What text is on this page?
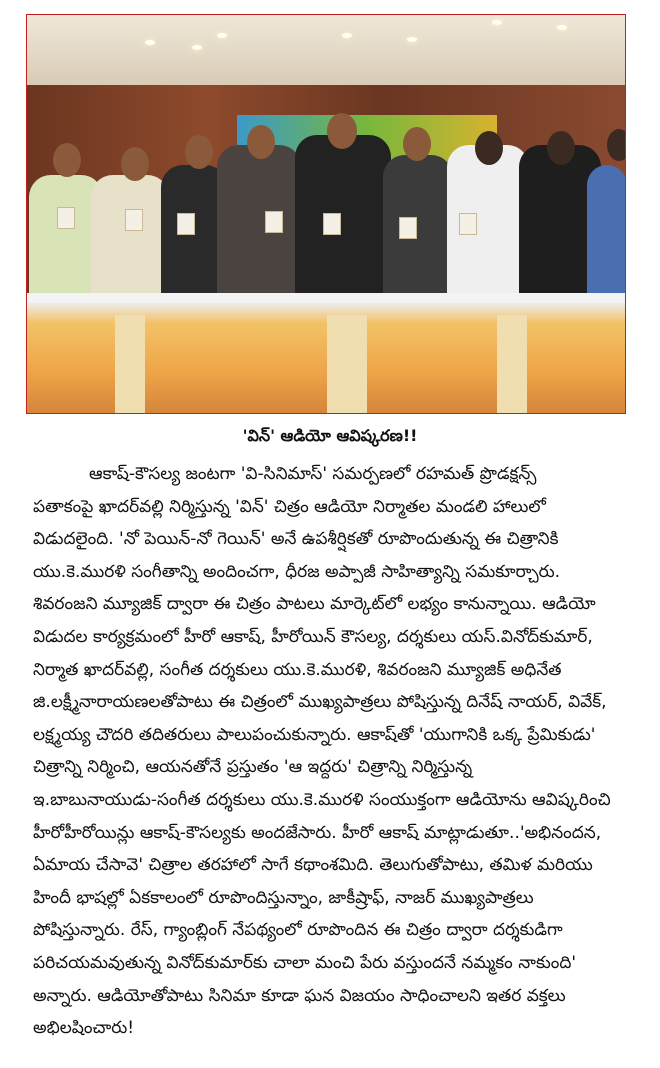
'విన్‌' ఆడియో ఆవిష్కరణ!!

ఆకాష్‌-కౌసల్య జంటగా 'వి-సినిమాస్‌' సమర్పణలో రహమత్‌ ప్రొడక్షన్స్‌

పతాకంపై ఖాదర్‌వల్లి నిర్మిస్తున్న 'విన్‌' చిత్రం ఆడియో నిర్మాతల మండలి హాలులో

విడుదలైంది. 'నో పెయిన్‌-నో గెయిన్‌' అనే ఉపశీర్షికతో రూపొందుతున్న ఈ చిత్రానికి

యు.కె.మురళి సంగీతాన్ని అందించగా, ధీరజ అప్పాజీ సాహిత్యాన్ని సమకూర్చారు.

శివరంజని మ్యూజిక్‌ ద్వారా ఈ చిత్రం పాటలు మార్కెట్‌లో లభ్యం కానున్నాయి. ఆడియో

విడుదల కార్యక్రమంలో హీరో ఆకాష్‌, హీరోయిన్‌ కౌసల్య, దర్శకులు యస్‌.వినోద్‌కుమార్‌,

నిర్మాత ఖాదర్‌వల్లి, సంగీత దర్శకులు యు.కె.మురళి, శివరంజని మ్యూజిక్‌ అధినేత

జి.లక్ష్మీనారాయణలతోపాటు ఈ చిత్రంలో ముఖ్యపాత్రలు పోషిస్తున్న దినేష్‌ నాయర్‌, వివేక్‌,

లక్ష్మయ్య చౌదరి తదితరులు పాలుపంచుకున్నారు. ఆకాష్‌తో 'యుగానికి ఒక్క ప్రేమికుడు'

చిత్రాన్ని నిర్మించి, ఆయనతోనే ప్రస్తుతం 'ఆ ఇద్దరు' చిత్రాన్ని నిర్మిస్తున్న

ఇ.బాబునాయుడు-సంగీత దర్శకులు యు.కె.మురళి సంయుక్తంగా ఆడియోను ఆవిష్కరించి

హీరోహీరోయిన్లు ఆకాష్‌-కౌసల్యకు అందజేసారు. హీరో ఆకాష్‌ మాట్లాడుతూ..'అభినందన,

ఏమాయ చేసావె' చిత్రాల తరహాలో సాగే కథాంశమిది. తెలుగుతోపాటు, తమిళ మరియు

హిందీ భాషల్లో ఏకకాలంలో రూపొందిస్తున్నాం, జాకీష్రాఫ్‌, నాజర్‌ ముఖ్యపాత్రలు

పోషిస్తున్నారు. రేస్‌, గ్యాంబ్లింగ్‌ నేపథ్యంలో రూపొందిన ఈ చిత్రం ద్వారా దర్శకుడిగా

పరిచయమవుతున్న వినోద్‌కుమార్‌కు చాలా మంచి పేరు వస్తుందనే నమ్మకం నాకుంది'

అన్నారు. ఆడియోతోపాటు సినిమా కూడా ఘన విజయం సాధించాలని ఇతర వక్తలు

అభిలషించారు!
